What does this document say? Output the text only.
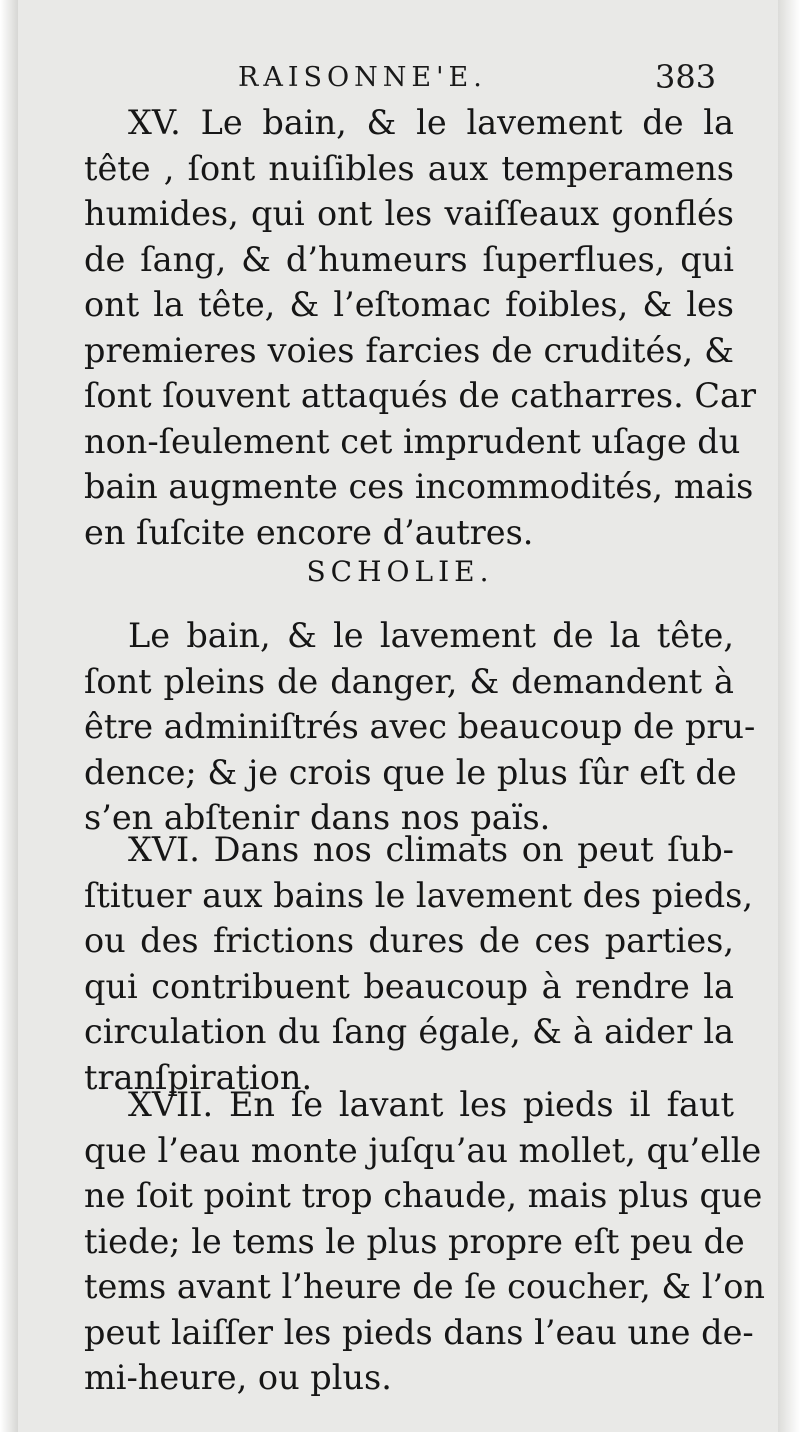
RAISONNE'E.	383
XV. Le bain, & le lavement de la
tête , ſont nuiſibles aux temperamens
humides, qui ont les vaiſſeaux gonflés
de ſang, & d’humeurs ſuperflues, qui
ont la tête, & l’eſtomac foibles, & les
premieres voies farcies de crudités, &
ſont ſouvent attaqués de catharres. Car
non-ſeulement cet imprudent uſage du
bain augmente ces incommodités, mais
en ſuſcite encore d’autres.
SCHOLIE.
Le bain, & le lavement de la tête,
ſont pleins de danger, & demandent à
être adminiſtrés avec beaucoup de pru-
dence; & je crois que le plus ſûr eſt de
s’en abſtenir dans nos païs.
XVI. Dans nos climats on peut ſub-
ſtituer aux bains le lavement des pieds,
ou des frictions dures de ces parties,
qui contribuent beaucoup à rendre la
circulation du ſang égale, & à aider la
tranſpiration.
XVII. En ſe lavant les pieds il faut
que l’eau monte juſqu’au mollet, qu’elle
ne ſoit point trop chaude, mais plus que
tiede; le tems le plus propre eſt peu de
tems avant l’heure de ſe coucher, & l’on
peut laiſſer les pieds dans l’eau une de-
mi-heure, ou plus.
